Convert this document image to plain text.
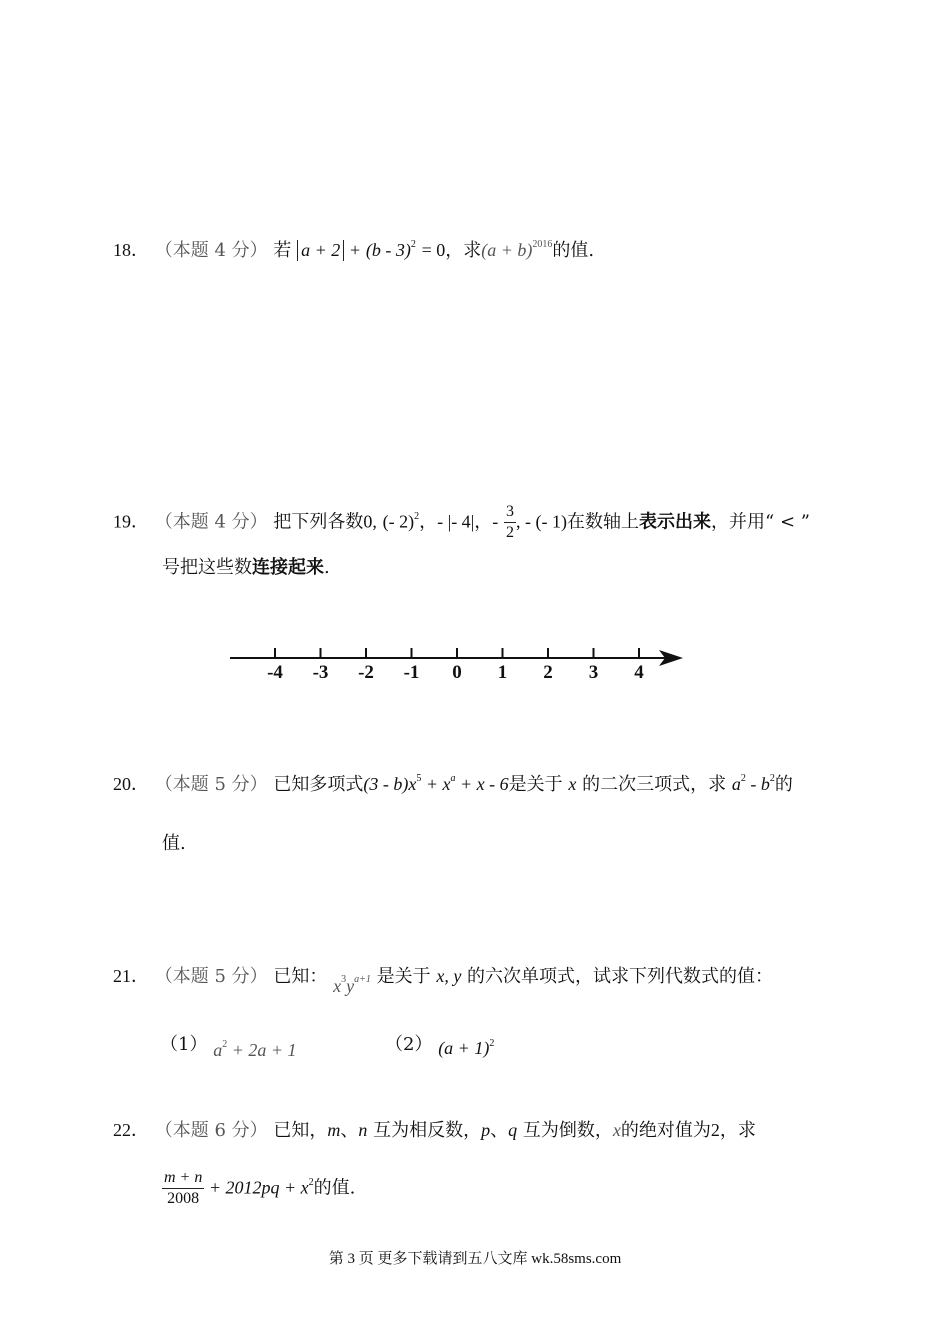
18． （本题 4 分） 若 a + 2 + (b - 3)$^2$ = 0，求$(a + b)^{2016}$的值.
19． （本题 4 分） 把下列各数0, (- 2)$^2$，- |- 4|，- $\frac{3}{2}$ , - (- 1)在数轴上表示出来，并用“ < ”
号把这些数连接起来.
-4	-3	-2	-1	0	1	2	3	4
20． （本题 5 分） 已知多项式$(3 - b)x^5 + x^a + x - 6$是关于 x 的二次三项式，求 $a^2 - b^2$的
值.
21． （本题 5 分） 已知： x3ya+1 是关于 x, y 的六次单项式，试求下列代数式的值：
（1） a2 + 2a + 1	（2） $(a + 1)^2$
22． （本题 6 分） 已知，m、n 互为相反数，p、q 互为倒数，x的绝对值为2，求
$\frac{m + n}{2008} + 2012pq + x^2$的值.
第 3 页 更多下载请到五八文库 wk.58sms.com
